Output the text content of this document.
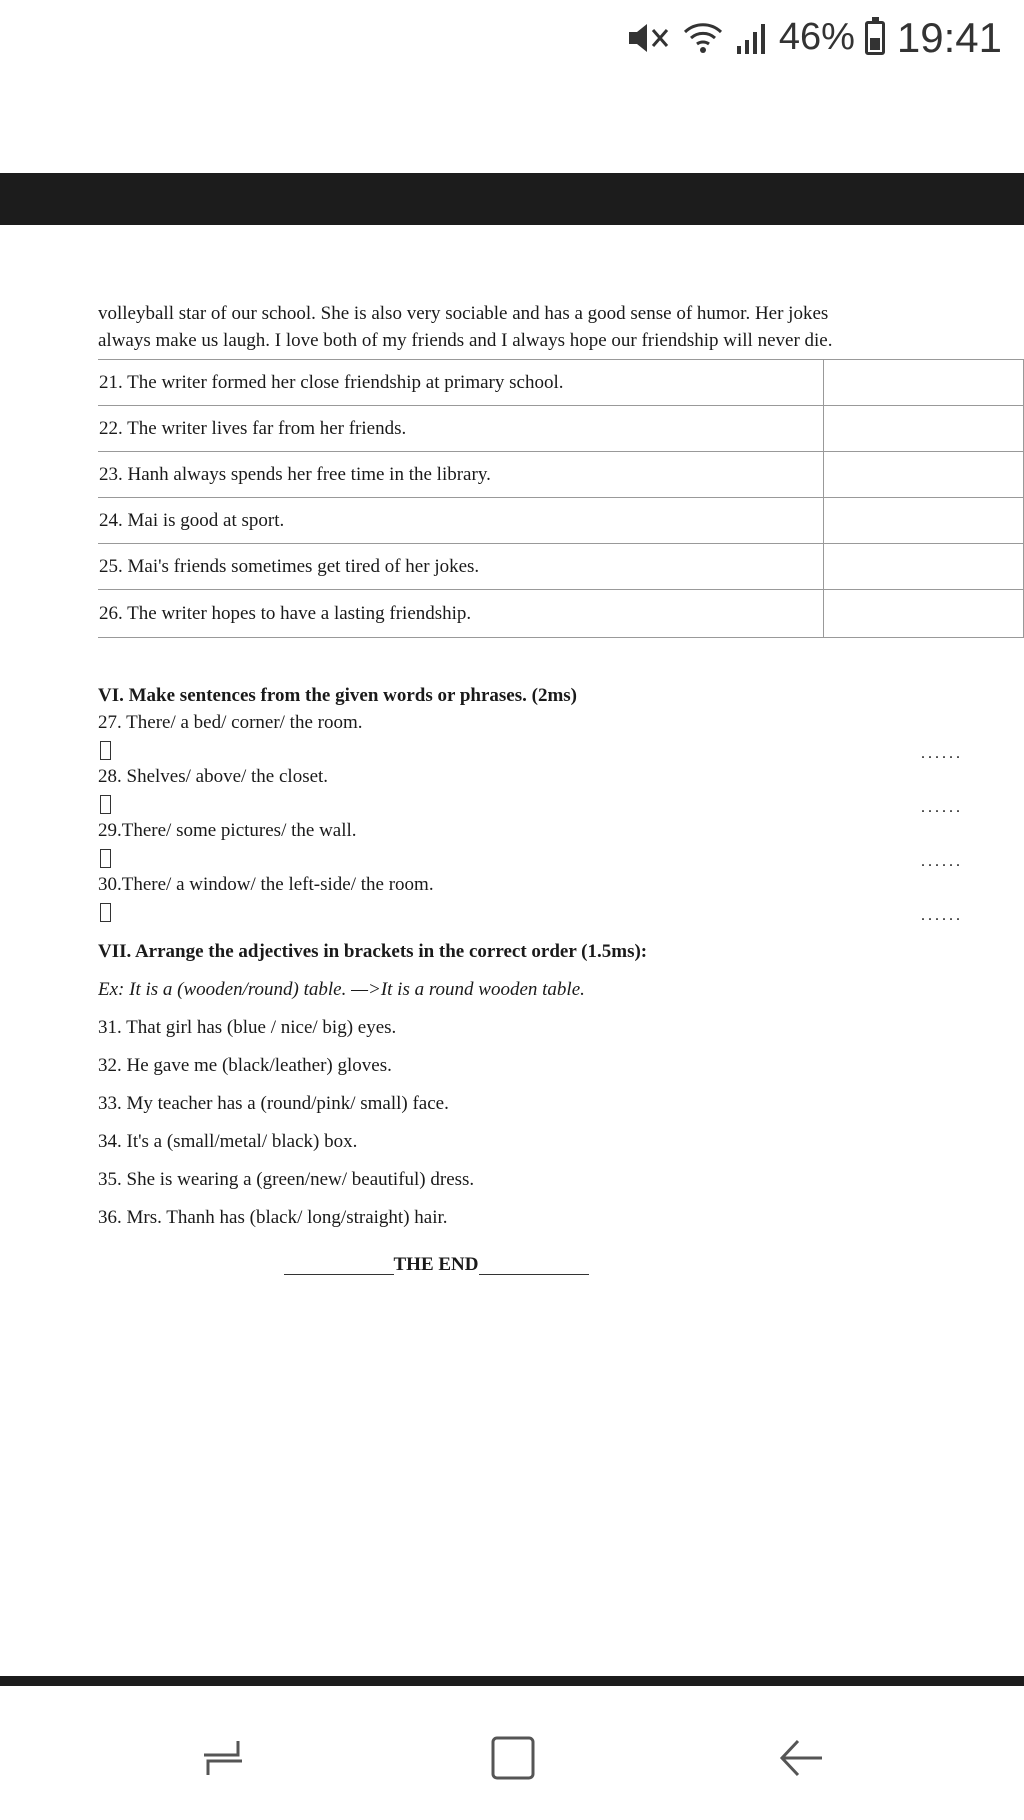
46% 19:41

volleyball star of our school. She is also very sociable and has a good sense of humor. Her jokes

always make us laugh. I love both of my friends and I always hope our friendship will never die.

21. The writer formed her close friendship at primary school.	
22. The writer lives far from her friends.	
23. Hanh always spends her free time in the library.	
24. Mai is good at sport.	
25. Mai's friends sometimes get tired of her jokes.	
26. The writer hopes to have a lasting friendship.	
VI. Make sentences from the given words or phrases. (2ms)
27. There/ a bed/ corner/ the room.
......
28. Shelves/ above/ the closet.
......
29.There/ some pictures/ the wall.
......
30.There/ a window/ the left-side/ the room.
......
VII. Arrange the adjectives in brackets in the correct order (1.5ms):
Ex: It is a (wooden/round) table. —>It is a round wooden table.
31. That girl has (blue / nice/ big) eyes.
32. He gave me (black/leather) gloves.
33. My teacher has a (round/pink/ small) face.
34. It's a (small/metal/ black) box.
35. She is wearing a (green/new/ beautiful) dress.
36. Mrs. Thanh has (black/ long/straight) hair.
THE END
